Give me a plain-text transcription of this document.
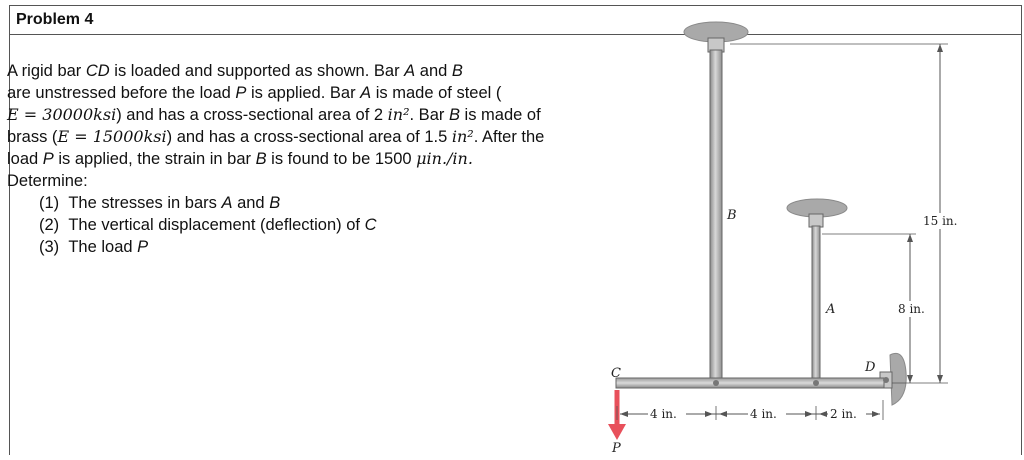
Problem 4

A rigid bar CD is loaded and supported as shown. Bar A and B
are unstressed before the load P is applied. Bar A is made of steel (
E = 30000ksi) and has a cross-sectional area of 2 in². Bar B is made of brass (E = 15000ksi) and has a cross-sectional area of 1.5 in². After the load P is applied, the strain in bar B is found to be 1500 μin./in.

Determine:

(1) The stresses in bars A and B
(2) The vertical displacement (deflection) of C
(3) The load P
C	D
B
A
P
15 in.
8 in.
4 in.	4 in.	2 in.
